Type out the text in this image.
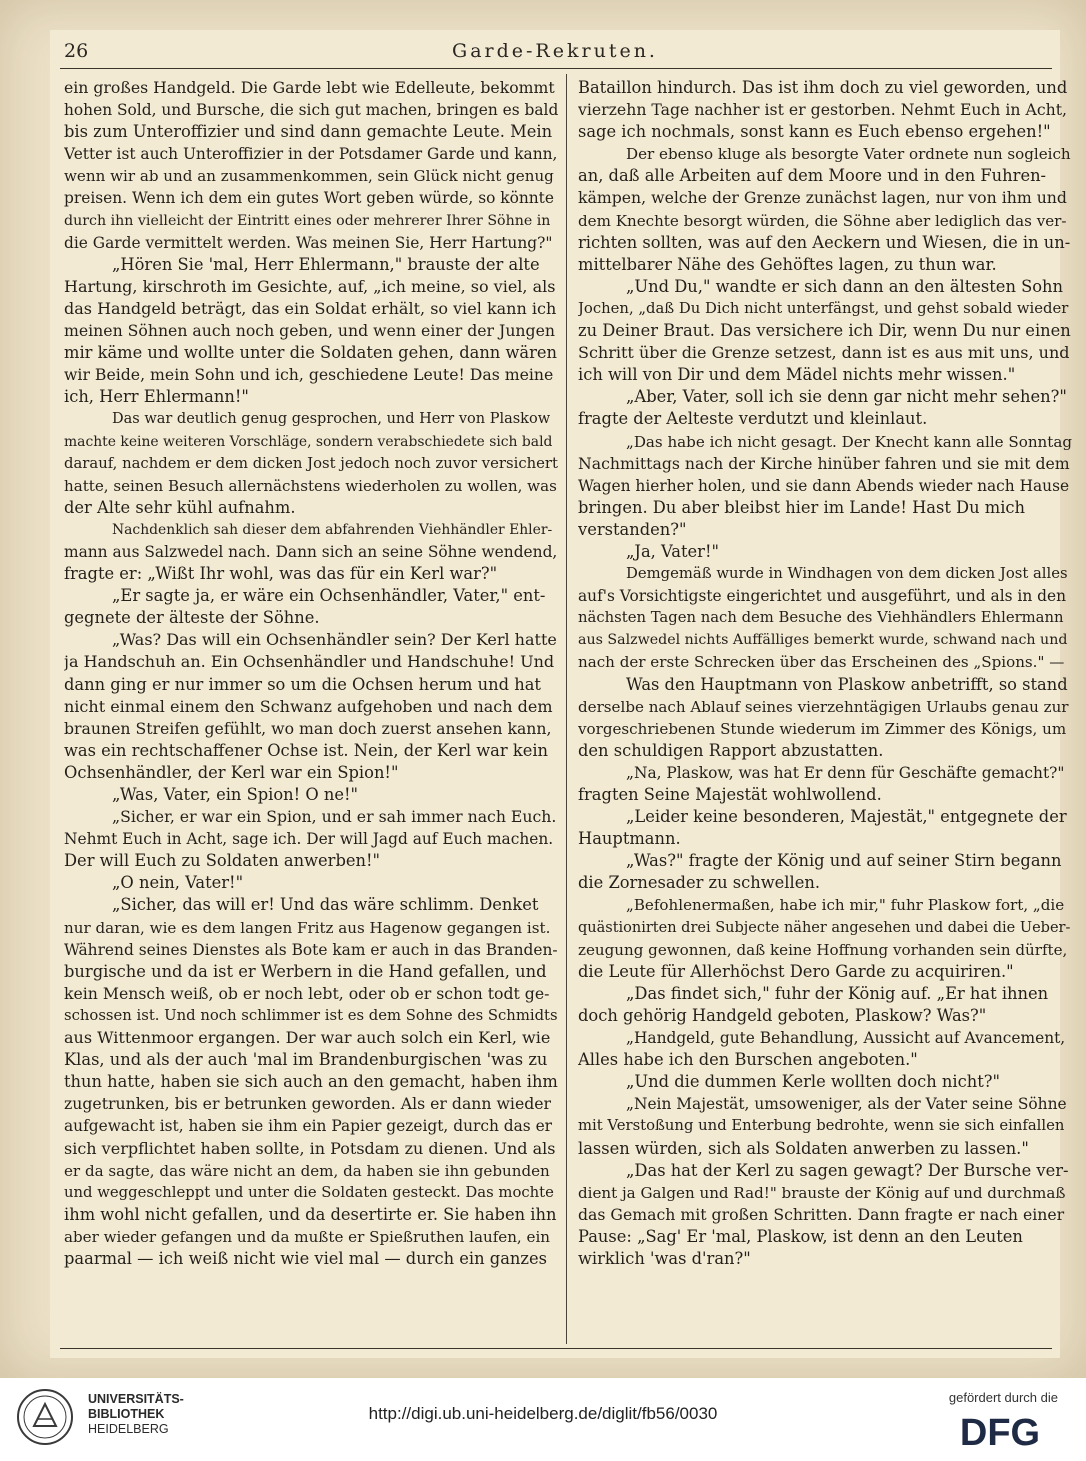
26	Garde-Rekruten.
ein großes Handgeld. Die Garde lebt wie Edelleute, bekommt
hohen Sold, und Bursche, die sich gut machen, bringen es bald
bis zum Unteroffizier und sind dann gemachte Leute. Mein
Vetter ist auch Unteroffizier in der Potsdamer Garde und kann,
wenn wir ab und an zusammenkommen, sein Glück nicht genug
preisen. Wenn ich dem ein gutes Wort geben würde, so könnte
durch ihn vielleicht der Eintritt eines oder mehrerer Ihrer Söhne in
die Garde vermittelt werden. Was meinen Sie, Herr Hartung?"
„Hören Sie 'mal, Herr Ehlermann," brauste der alte
Hartung, kirschroth im Gesichte, auf, „ich meine, so viel, als
das Handgeld beträgt, das ein Soldat erhält, so viel kann ich
meinen Söhnen auch noch geben, und wenn einer der Jungen
mir käme und wollte unter die Soldaten gehen, dann wären
wir Beide, mein Sohn und ich, geschiedene Leute! Das meine
ich, Herr Ehlermann!"
Das war deutlich genug gesprochen, und Herr von Plaskow
machte keine weiteren Vorschläge, sondern verabschiedete sich bald
darauf, nachdem er dem dicken Jost jedoch noch zuvor versichert
hatte, seinen Besuch allernächstens wiederholen zu wollen, was
der Alte sehr kühl aufnahm.
Nachdenklich sah dieser dem abfahrenden Viehhändler Ehler-
mann aus Salzwedel nach. Dann sich an seine Söhne wendend,
fragte er: „Wißt Ihr wohl, was das für ein Kerl war?"
„Er sagte ja, er wäre ein Ochsenhändler, Vater," ent-
gegnete der älteste der Söhne.
„Was? Das will ein Ochsenhändler sein? Der Kerl hatte
ja Handschuh an. Ein Ochsenhändler und Handschuhe! Und
dann ging er nur immer so um die Ochsen herum und hat
nicht einmal einem den Schwanz aufgehoben und nach dem
braunen Streifen gefühlt, wo man doch zuerst ansehen kann,
was ein rechtschaffener Ochse ist. Nein, der Kerl war kein
Ochsenhändler, der Kerl war ein Spion!"
„Was, Vater, ein Spion! O ne!"
„Sicher, er war ein Spion, und er sah immer nach Euch.
Nehmt Euch in Acht, sage ich. Der will Jagd auf Euch machen.
Der will Euch zu Soldaten anwerben!"
„O nein, Vater!"
„Sicher, das will er! Und das wäre schlimm. Denket
nur daran, wie es dem langen Fritz aus Hagenow gegangen ist.
Während seines Dienstes als Bote kam er auch in das Branden-
burgische und da ist er Werbern in die Hand gefallen, und
kein Mensch weiß, ob er noch lebt, oder ob er schon todt ge-
schossen ist. Und noch schlimmer ist es dem Sohne des Schmidts
aus Wittenmoor ergangen. Der war auch solch ein Kerl, wie
Klas, und als der auch 'mal im Brandenburgischen 'was zu
thun hatte, haben sie sich auch an den gemacht, haben ihm
zugetrunken, bis er betrunken geworden. Als er dann wieder
aufgewacht ist, haben sie ihm ein Papier gezeigt, durch das er
sich verpflichtet haben sollte, in Potsdam zu dienen. Und als
er da sagte, das wäre nicht an dem, da haben sie ihn gebunden
und weggeschleppt und unter die Soldaten gesteckt. Das mochte
ihm wohl nicht gefallen, und da desertirte er. Sie haben ihn
aber wieder gefangen und da mußte er Spießruthen laufen, ein
paarmal — ich weiß nicht wie viel mal — durch ein ganzes
Bataillon hindurch. Das ist ihm doch zu viel geworden, und
vierzehn Tage nachher ist er gestorben. Nehmt Euch in Acht,
sage ich nochmals, sonst kann es Euch ebenso ergehen!"
Der ebenso kluge als besorgte Vater ordnete nun sogleich
an, daß alle Arbeiten auf dem Moore und in den Fuhren-
kämpen, welche der Grenze zunächst lagen, nur von ihm und
dem Knechte besorgt würden, die Söhne aber lediglich das ver-
richten sollten, was auf den Aeckern und Wiesen, die in un-
mittelbarer Nähe des Gehöftes lagen, zu thun war.
„Und Du," wandte er sich dann an den ältesten Sohn
Jochen, „daß Du Dich nicht unterfängst, und gehst sobald wieder
zu Deiner Braut. Das versichere ich Dir, wenn Du nur einen
Schritt über die Grenze setzest, dann ist es aus mit uns, und
ich will von Dir und dem Mädel nichts mehr wissen."
„Aber, Vater, soll ich sie denn gar nicht mehr sehen?"
fragte der Aelteste verdutzt und kleinlaut.
„Das habe ich nicht gesagt. Der Knecht kann alle Sonntag
Nachmittags nach der Kirche hinüber fahren und sie mit dem
Wagen hierher holen, und sie dann Abends wieder nach Hause
bringen. Du aber bleibst hier im Lande! Hast Du mich
verstanden?"
„Ja, Vater!"
Demgemäß wurde in Windhagen von dem dicken Jost alles
auf's Vorsichtigste eingerichtet und ausgeführt, und als in den
nächsten Tagen nach dem Besuche des Viehhändlers Ehlermann
aus Salzwedel nichts Auffälliges bemerkt wurde, schwand nach und
nach der erste Schrecken über das Erscheinen des „Spions." —
Was den Hauptmann von Plaskow anbetrifft, so stand
derselbe nach Ablauf seines vierzehntägigen Urlaubs genau zur
vorgeschriebenen Stunde wiederum im Zimmer des Königs, um
den schuldigen Rapport abzustatten.
„Na, Plaskow, was hat Er denn für Geschäfte gemacht?"
fragten Seine Majestät wohlwollend.
„Leider keine besonderen, Majestät," entgegnete der
Hauptmann.
„Was?" fragte der König und auf seiner Stirn begann
die Zornesader zu schwellen.
„Befohlenermaßen, habe ich mir," fuhr Plaskow fort, „die
quästionirten drei Subjecte näher angesehen und dabei die Ueber-
zeugung gewonnen, daß keine Hoffnung vorhanden sein dürfte,
die Leute für Allerhöchst Dero Garde zu acquiriren."
„Das findet sich," fuhr der König auf. „Er hat ihnen
doch gehörig Handgeld geboten, Plaskow? Was?"
„Handgeld, gute Behandlung, Aussicht auf Avancement,
Alles habe ich den Burschen angeboten."
„Und die dummen Kerle wollten doch nicht?"
„Nein Majestät, umsoweniger, als der Vater seine Söhne
mit Verstoßung und Enterbung bedrohte, wenn sie sich einfallen
lassen würden, sich als Soldaten anwerben zu lassen."
„Das hat der Kerl zu sagen gewagt? Der Bursche ver-
dient ja Galgen und Rad!" brauste der König auf und durchmaß
das Gemach mit großen Schritten. Dann fragte er nach einer
Pause: „Sag' Er 'mal, Plaskow, ist denn an den Leuten
wirklich 'was d'ran?"
UNIVERSITÄTS-
BIBLIOTHEK
HEIDELBERG
http://digi.ub.uni-heidelberg.de/diglit/fb56/0030
gefördert durch die
DFG
